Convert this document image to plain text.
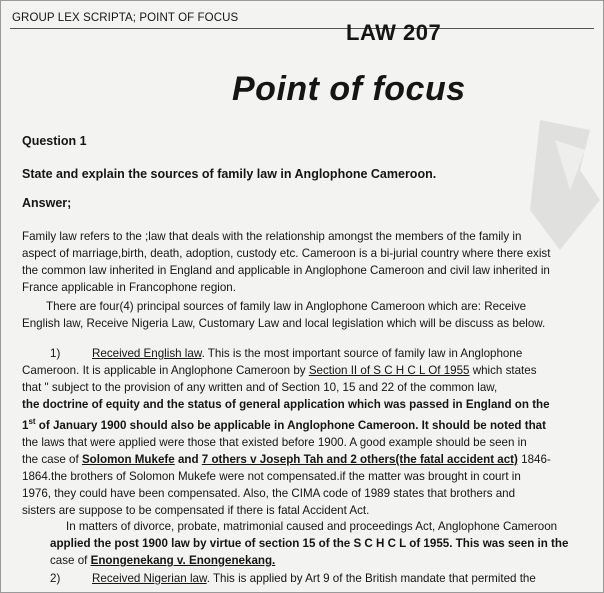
GROUP LEX SCRIPTA; POINT OF FOCUS
LAW 207
Point of focus
Question 1
State and explain the sources of family law in Anglophone Cameroon.
Answer;
Family law refers to the ;law that deals with the relationship amongst the members of the family in
aspect of marriage,birth, death, adoption, custody etc. Cameroon is a bi-jurial country where there exist
the common law inherited in England and applicable in Anglophone Cameroon and civil law inherited in
France applicable in Francophone region.
There are four(4) principal sources of family law in Anglophone Cameroon which are: Receive
English law, Receive Nigeria Law, Customary Law and local legislation which will be discuss as below.
1)	Received English law. This is the most important source of family law in Anglophone
Cameroon. It is applicable in Anglophone Cameroon by Section II of S C H C L Of 1955 which states
that " subject to the provision of any written and of Section 10, 15 and 22 of the common law,
the doctrine of equity and the status of general application which was passed in England on the
1st of January 1900 should also be applicable in Anglophone Cameroon. It should be noted that
the laws that were applied were those that existed before 1900. A good example should be seen in
the case of Solomon Mukefe and 7 others v Joseph Tah and 2 others(the fatal accident act) 1846-
1864.the brothers of Solomon Mukefe were not compensated.if the matter was brought in court in
1976, they could have been compensated. Also, the CIMA code of 1989 states that brothers and
sisters are suppose to be compensated if there is fatal Accident Act.
In matters of divorce, probate, matrimonial caused and proceedings Act, Anglophone Cameroon
applied the post 1900 law by virtue of section 15 of the S C H C L of 1955. This was seen in the
case of Enongenekang v. Enongenekang.
2)	Received Nigerian law. This is applied by Art 9 of the British mandate that permited the
